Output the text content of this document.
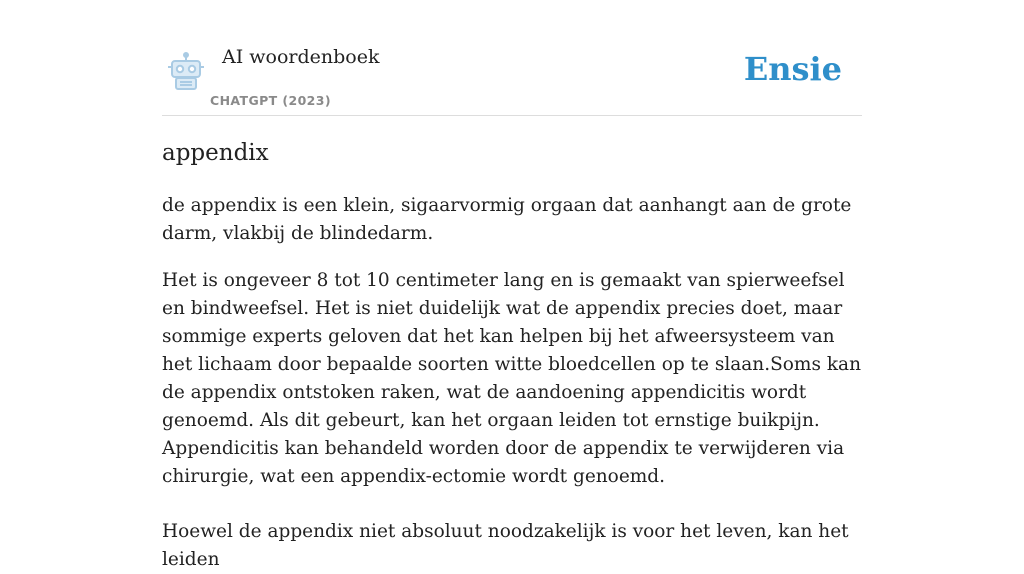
AI woordenboek
CHATGPT (2023)
Ensie
appendix

de appendix is een klein, sigaarvormig orgaan dat aanhangt aan de grote darm, vlakbij de blindedarm.

Het is ongeveer 8 tot 10 centimeter lang en is gemaakt van spierweefsel en bindweefsel. Het is niet duidelijk wat de appendix precies doet, maar sommige experts geloven dat het kan helpen bij het afweersysteem van het lichaam door bepaalde soorten witte bloedcellen op te slaan.Soms kan de appendix ontstoken raken, wat de aandoening appendicitis wordt genoemd. Als dit gebeurt, kan het orgaan leiden tot ernstige buikpijn. Appendicitis kan behandeld worden door de appendix te verwijderen via chirurgie, wat een appendix-ectomie wordt genoemd.

Hoewel de appendix niet absoluut noodzakelijk is voor het leven, kan het leiden
